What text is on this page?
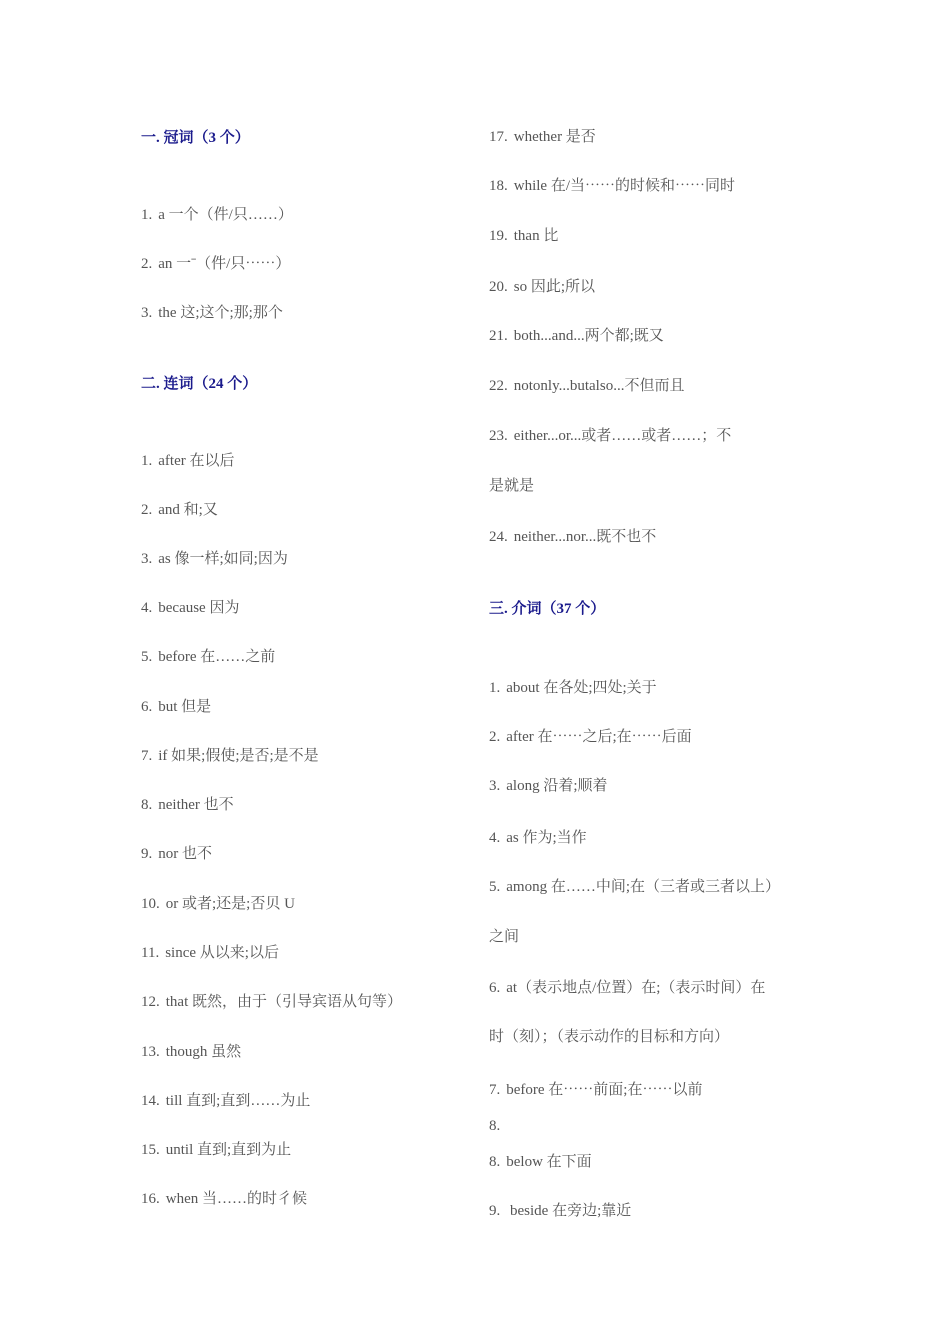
一. 冠词（3 个）
1. a 一个（件/只……）
2. an 一ˉ（件/只⋯⋯）
3. the 这;这个;那;那个
二. 连词（24 个）
1. after 在以后
2. and 和;又
3. as 像一样;如同;因为
4. because 因为
5. before 在……之前
6. but 但是
7. if 如果;假使;是否;是不是
8. neither 也不
9. nor 也不
10. or 或者;还是;否贝 U
11. since 从以来;以后
12. that 既然，由于（引导宾语从句等）
13. though 虽然
14. till 直到;直到……为止
15. until 直到;直到为止
16. when 当……的时彳候
17. whether 是否
18. while 在/当⋯⋯的时候和⋯⋯同时
19. than 比
20. so 因此;所以
21. both...and...两个都;既又
22. notonly...butalso...不但而且
23. either...or...或者……或者……；不
是就是
24. neither...nor...既不也不
三. 介词（37 个）
1. about 在各处;四处;关于
2. after 在⋯⋯之后;在⋯⋯后面
3. along 沿着;顺着
4. as 作为;当作
5. among 在……中间;在（三者或三者以上）
之间
6. at（表示地点/位置）在;（表示时间）在
时（刻）；（表示动作的目标和方向）
7. before 在⋯⋯前面;在⋯⋯以前
8.
8. below 在下面
9. beside 在旁边;靠近
